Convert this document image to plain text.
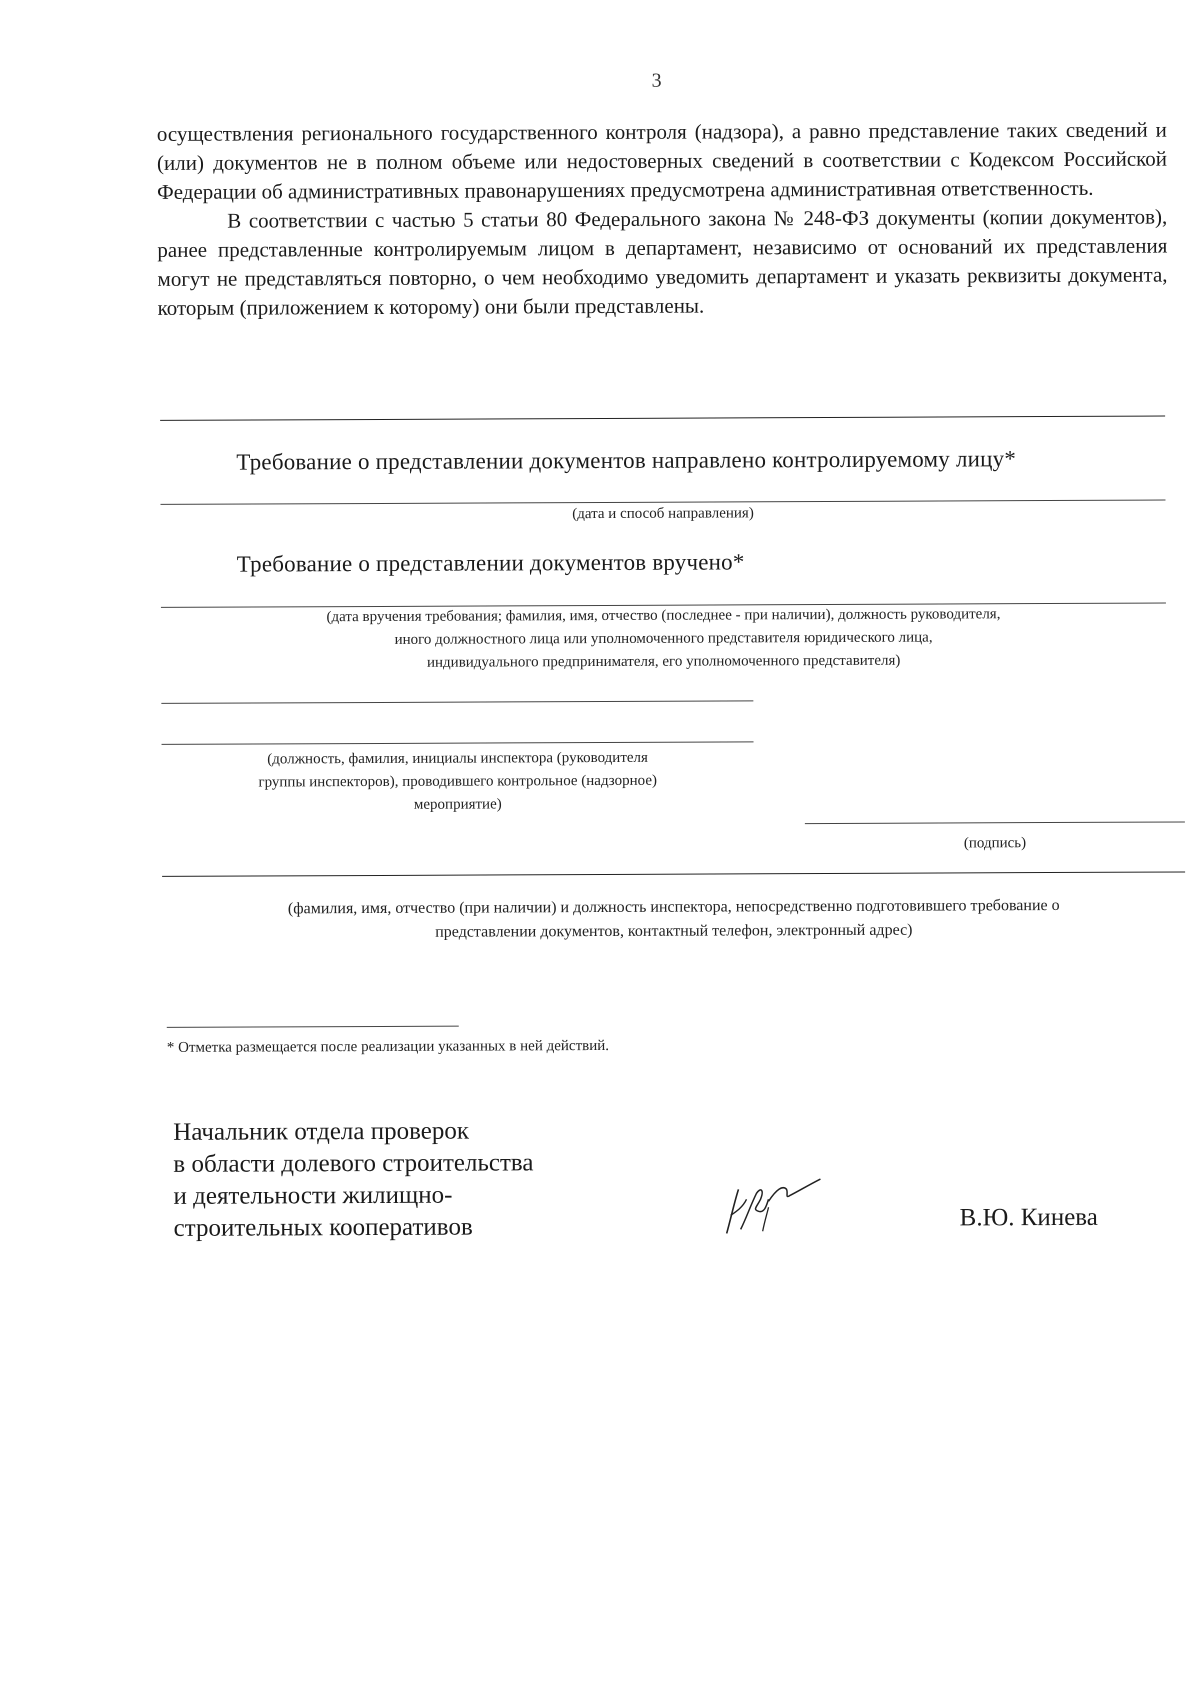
3

осуществления регионального государственного контроля (надзора), а равно представление таких сведений и (или) документов не в полном объеме или недостоверных сведений в соответствии с Кодексом Российской Федерации об административных правонарушениях предусмотрена административная ответственность.

В соответствии с частью 5 статьи 80 Федерального закона № 248-ФЗ документы (копии документов), ранее представленные контролируемым лицом в департамент, независимо от оснований их представления могут не представляться повторно, о чем необходимо уведомить департамент и указать реквизиты документа, которым (приложением к которому) они были представлены.

Требование о представлении документов направлено контролируемому лицу*
(дата и способ направления)
Требование о представлении документов вручено*
(дата вручения требования; фамилия, имя, отчество (последнее - при наличии), должность руководителя,
иного должностного лица или уполномоченного представителя юридического лица,
индивидуального предпринимателя, его уполномоченного представителя)
(должность, фамилия, инициалы инспектора (руководителя
группы инспекторов), проводившего контрольное (надзорное)
мероприятие)
(подпись)
(фамилия, имя, отчество (при наличии) и должность инспектора, непосредственно подготовившего требование о
представлении документов, контактный телефон, электронный адрес)
* Отметка размещается после реализации указанных в ней действий.
Начальник отдела проверок
в области долевого строительства
и деятельности жилищно-
строительных кооперативов	В.Ю. Кинева
